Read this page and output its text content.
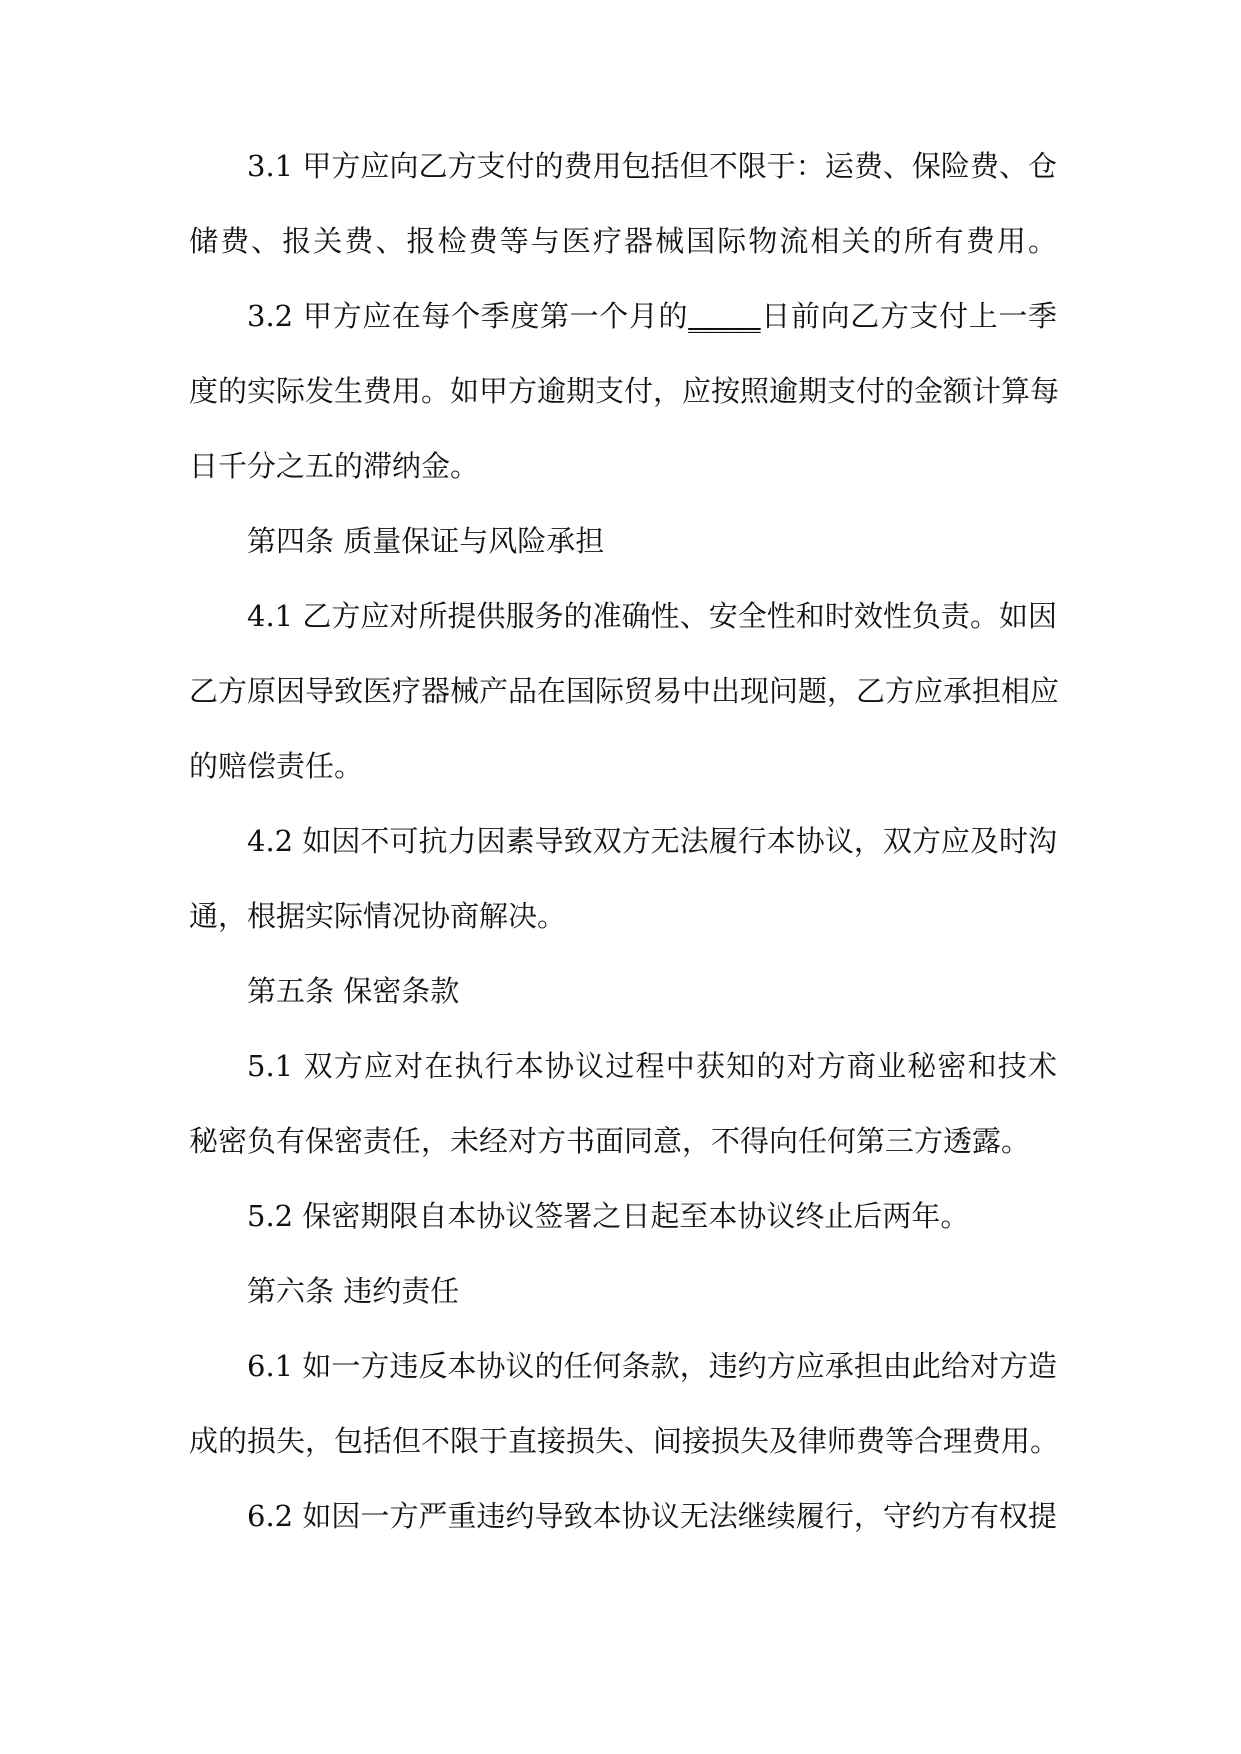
3.1 甲方应向乙方支付的费用包括但不限于：运费、保险费、仓
储费、报关费、报检费等与医疗器械国际物流相关的所有费用。
3.2 甲方应在每个季度第一个月的_____日前向乙方支付上一季
度的实际发生费用。如甲方逾期支付，应按照逾期支付的金额计算每
日千分之五的滞纳金。
第四条 质量保证与风险承担
4.1 乙方应对所提供服务的准确性、安全性和时效性负责。如因
乙方原因导致医疗器械产品在国际贸易中出现问题，乙方应承担相应
的赔偿责任。
4.2 如因不可抗力因素导致双方无法履行本协议，双方应及时沟
通，根据实际情况协商解决。
第五条 保密条款
5.1 双方应对在执行本协议过程中获知的对方商业秘密和技术
秘密负有保密责任，未经对方书面同意，不得向任何第三方透露。
5.2 保密期限自本协议签署之日起至本协议终止后两年。
第六条 违约责任
6.1 如一方违反本协议的任何条款，违约方应承担由此给对方造
成的损失，包括但不限于直接损失、间接损失及律师费等合理费用。
6.2 如因一方严重违约导致本协议无法继续履行，守约方有权提
